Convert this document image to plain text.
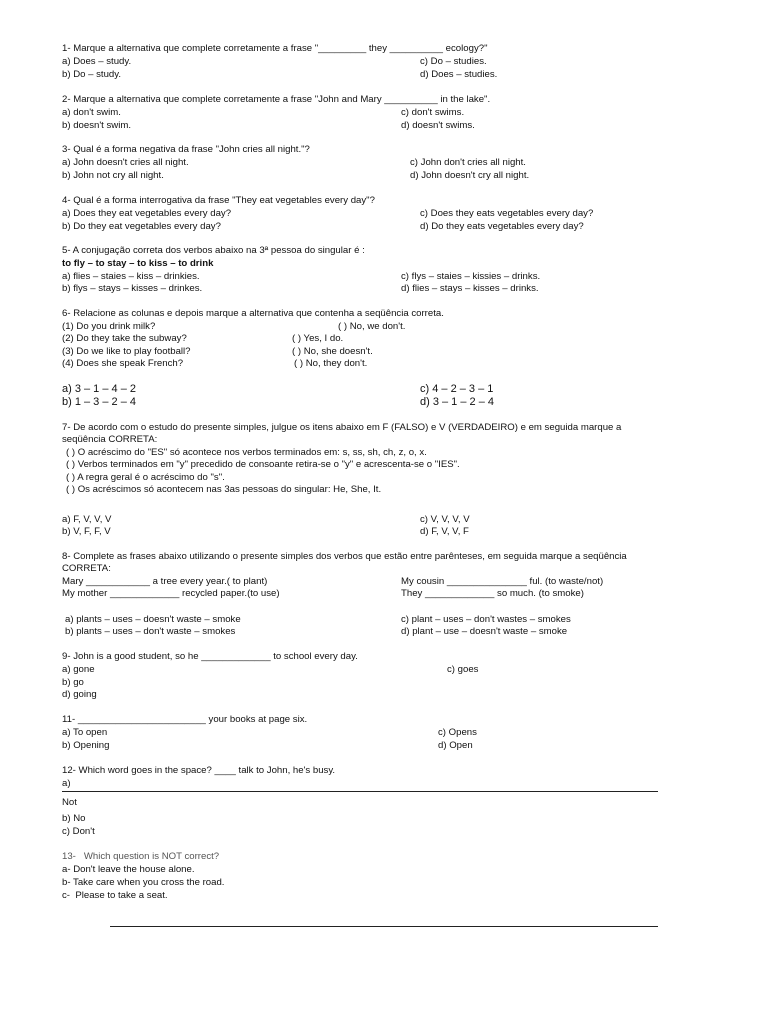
1- Marque a alternativa que complete corretamente a frase "_________ they __________ ecology?"
a) Does – study.	c) Do – studies.
b) Do – study.	d) Does – studies.
2- Marque a alternativa que complete corretamente a frase "John and Mary __________ in the lake".
a) don't swim.	c) don't swims.
b) doesn't swim.	d) doesn't swims.
3- Qual é a forma negativa da frase "John cries all night."?
a) John doesn't cries all night.	c) John don't cries all night.
b) John not cry all night.	d) John doesn't cry all night.
4- Qual é a forma interrogativa da frase "They eat vegetables every day"?
a) Does they eat vegetables every day?	c) Does they eats vegetables every day?
b) Do they eat vegetables every day?	d) Do they eats vegetables every day?
5- A conjugação correta dos verbos abaixo na 3ª pessoa do singular é :
to fly – to stay – to kiss – to drink
a) flies – staies – kiss – drinkies.	c) flys – staies – kissies – drinks.
b) flys – stays – kisses – drinkes.	d) flies – stays – kisses – drinks.
6- Relacione as colunas e depois marque a alternativa que contenha a seqüência correta.
(1) Do you drink milk?	( ) No, we don't.
(2) Do they take the subway?	( ) Yes, I do.
(3) Do we like to play football?	( ) No, she doesn't.
(4) Does she speak French?	( ) No, they don't.
a) 3 – 1 – 4 – 2	c) 4 – 2 – 3 – 1
b) 1 – 3 – 2 – 4	d) 3 – 1 – 2 – 4
7- De acordo com o estudo do presente simples, julgue os itens abaixo em F (FALSO) e V (VERDADEIRO) e em seguida marque a
seqüência CORRETA:
( ) O acréscimo do "ES" só acontece nos verbos terminados em: s, ss, sh, ch, z, o, x.
( ) Verbos terminados em "y" precedido de consoante retira-se o "y" e acrescenta-se o "IES".
( ) A regra geral é o acréscimo do "s".
( ) Os acréscimos só acontecem nas 3as pessoas do singular: He, She, It.
a) F, V, V, V	c) V, V, V, V
b) V, F, F, V	d) F, V, V, F
8- Complete as frases abaixo utilizando o presente simples dos verbos que estão entre parênteses, em seguida marque a seqüência
CORRETA:
Mary ____________ a tree every year.( to plant)	My cousin _______________ ful. (to waste/not)
My mother _____________ recycled paper.(to use)	They _____________ so much. (to smoke)
a) plants – uses – doesn't waste – smoke	c) plant – uses – don't wastes – smokes
b) plants – uses – don't waste – smokes	d) plant – use – doesn't waste – smoke
9- John is a good student, so he _____________ to school every day.
a) gone	c) goes
b) go
d) going
11- ________________________ your books at page six.
a) To open	c) Opens
b) Opening	d) Open
12- Which word goes in the space? ____ talk to John, he's busy.
a)
Not
b) No
c) Don't
13-   Which question is NOT correct?
a- Don't leave the house alone.
b- Take care when you cross the road.
c-  Please to take a seat.
